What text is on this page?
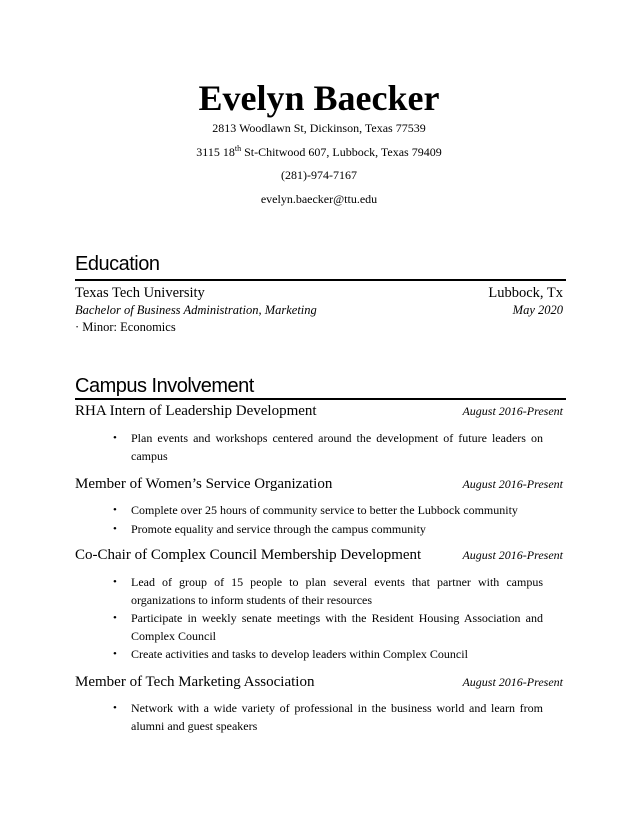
Evelyn Baecker
2813 Woodlawn St, Dickinson, Texas 77539
3115 18th St-Chitwood 607, Lubbock, Texas 79409
(281)-974-7167
evelyn.baecker@ttu.edu
Education
Texas Tech University	Lubbock, Tx
Bachelor of Business Administration, Marketing	May 2020
· Minor: Economics
Campus Involvement
RHA Intern of Leadership Development	August 2016-Present
• Plan events and workshops centered around the development of future leaders on campus
Member of Women’s Service Organization	August 2016-Present
• Complete over 25 hours of community service to better the Lubbock community
• Promote equality and service through the campus community
Co-Chair of Complex Council Membership Development	August 2016-Present
• Lead of group of 15 people to plan several events that partner with campus organizations to inform students of their resources
• Participate in weekly senate meetings with the Resident Housing Association and Complex Council
• Create activities and tasks to develop leaders within Complex Council
Member of Tech Marketing Association	August 2016-Present
• Network with a wide variety of professional in the business world and learn from alumni and guest speakers
